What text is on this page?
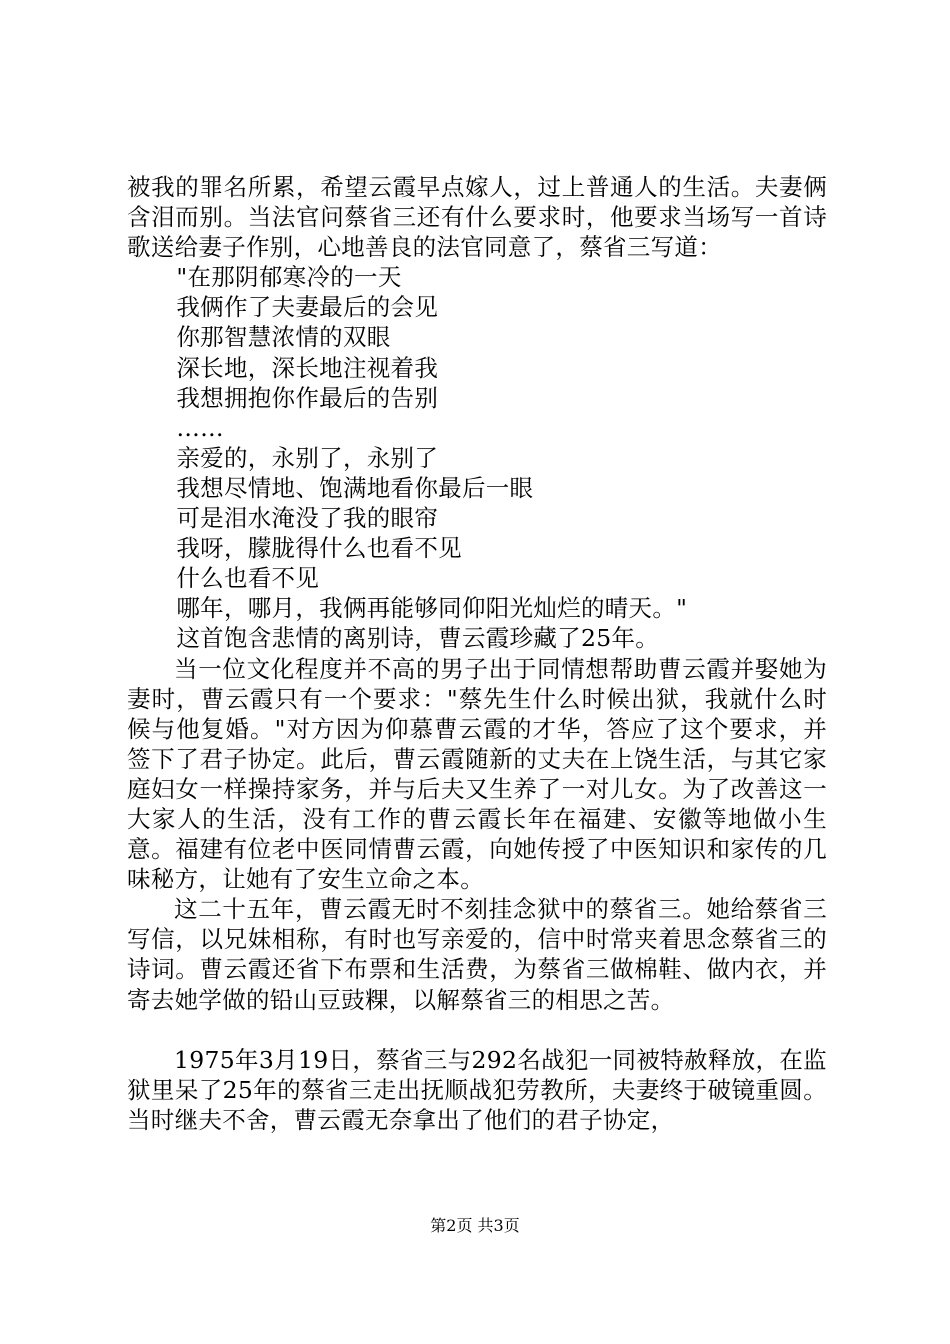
被我的罪名所累，希望云霞早点嫁人，过上普通人的生活。夫妻俩含泪而别。当法官问蔡省三还有什么要求时，他要求当场写一首诗歌送给妻子作别，心地善良的法官同意了，蔡省三写道：

"在那阴郁寒冷的一天

我俩作了夫妻最后的会见

你那智慧浓情的双眼

深长地，深长地注视着我

我想拥抱你作最后的告别

……

亲爱的，永别了，永别了

我想尽情地、饱满地看你最后一眼

可是泪水淹没了我的眼帘

我呀，朦胧得什么也看不见

什么也看不见

哪年，哪月，我俩再能够同仰阳光灿烂的晴天。"

这首饱含悲情的离别诗，曹云霞珍藏了25年。

当一位文化程度并不高的男子出于同情想帮助曹云霞并娶她为妻时，曹云霞只有一个要求："蔡先生什么时候出狱，我就什么时候与他复婚。"对方因为仰慕曹云霞的才华，答应了这个要求，并签下了君子协定。此后，曹云霞随新的丈夫在上饶生活，与其它家庭妇女一样操持家务，并与后夫又生养了一对儿女。为了改善这一大家人的生活，没有工作的曹云霞长年在福建、安徽等地做小生意。福建有位老中医同情曹云霞，向她传授了中医知识和家传的几味秘方，让她有了安生立命之本。

这二十五年，曹云霞无时不刻挂念狱中的蔡省三。她给蔡省三写信，以兄妹相称，有时也写亲爱的，信中时常夹着思念蔡省三的诗词。曹云霞还省下布票和生活费，为蔡省三做棉鞋、做内衣，并寄去她学做的铅山豆豉粿，以解蔡省三的相思之苦。

1975年3月19日，蔡省三与292名战犯一同被特赦释放，在监狱里呆了25年的蔡省三走出抚顺战犯劳教所，夫妻终于破镜重圆。当时继夫不舍，曹云霞无奈拿出了他们的君子协定，

第2页 共3页
